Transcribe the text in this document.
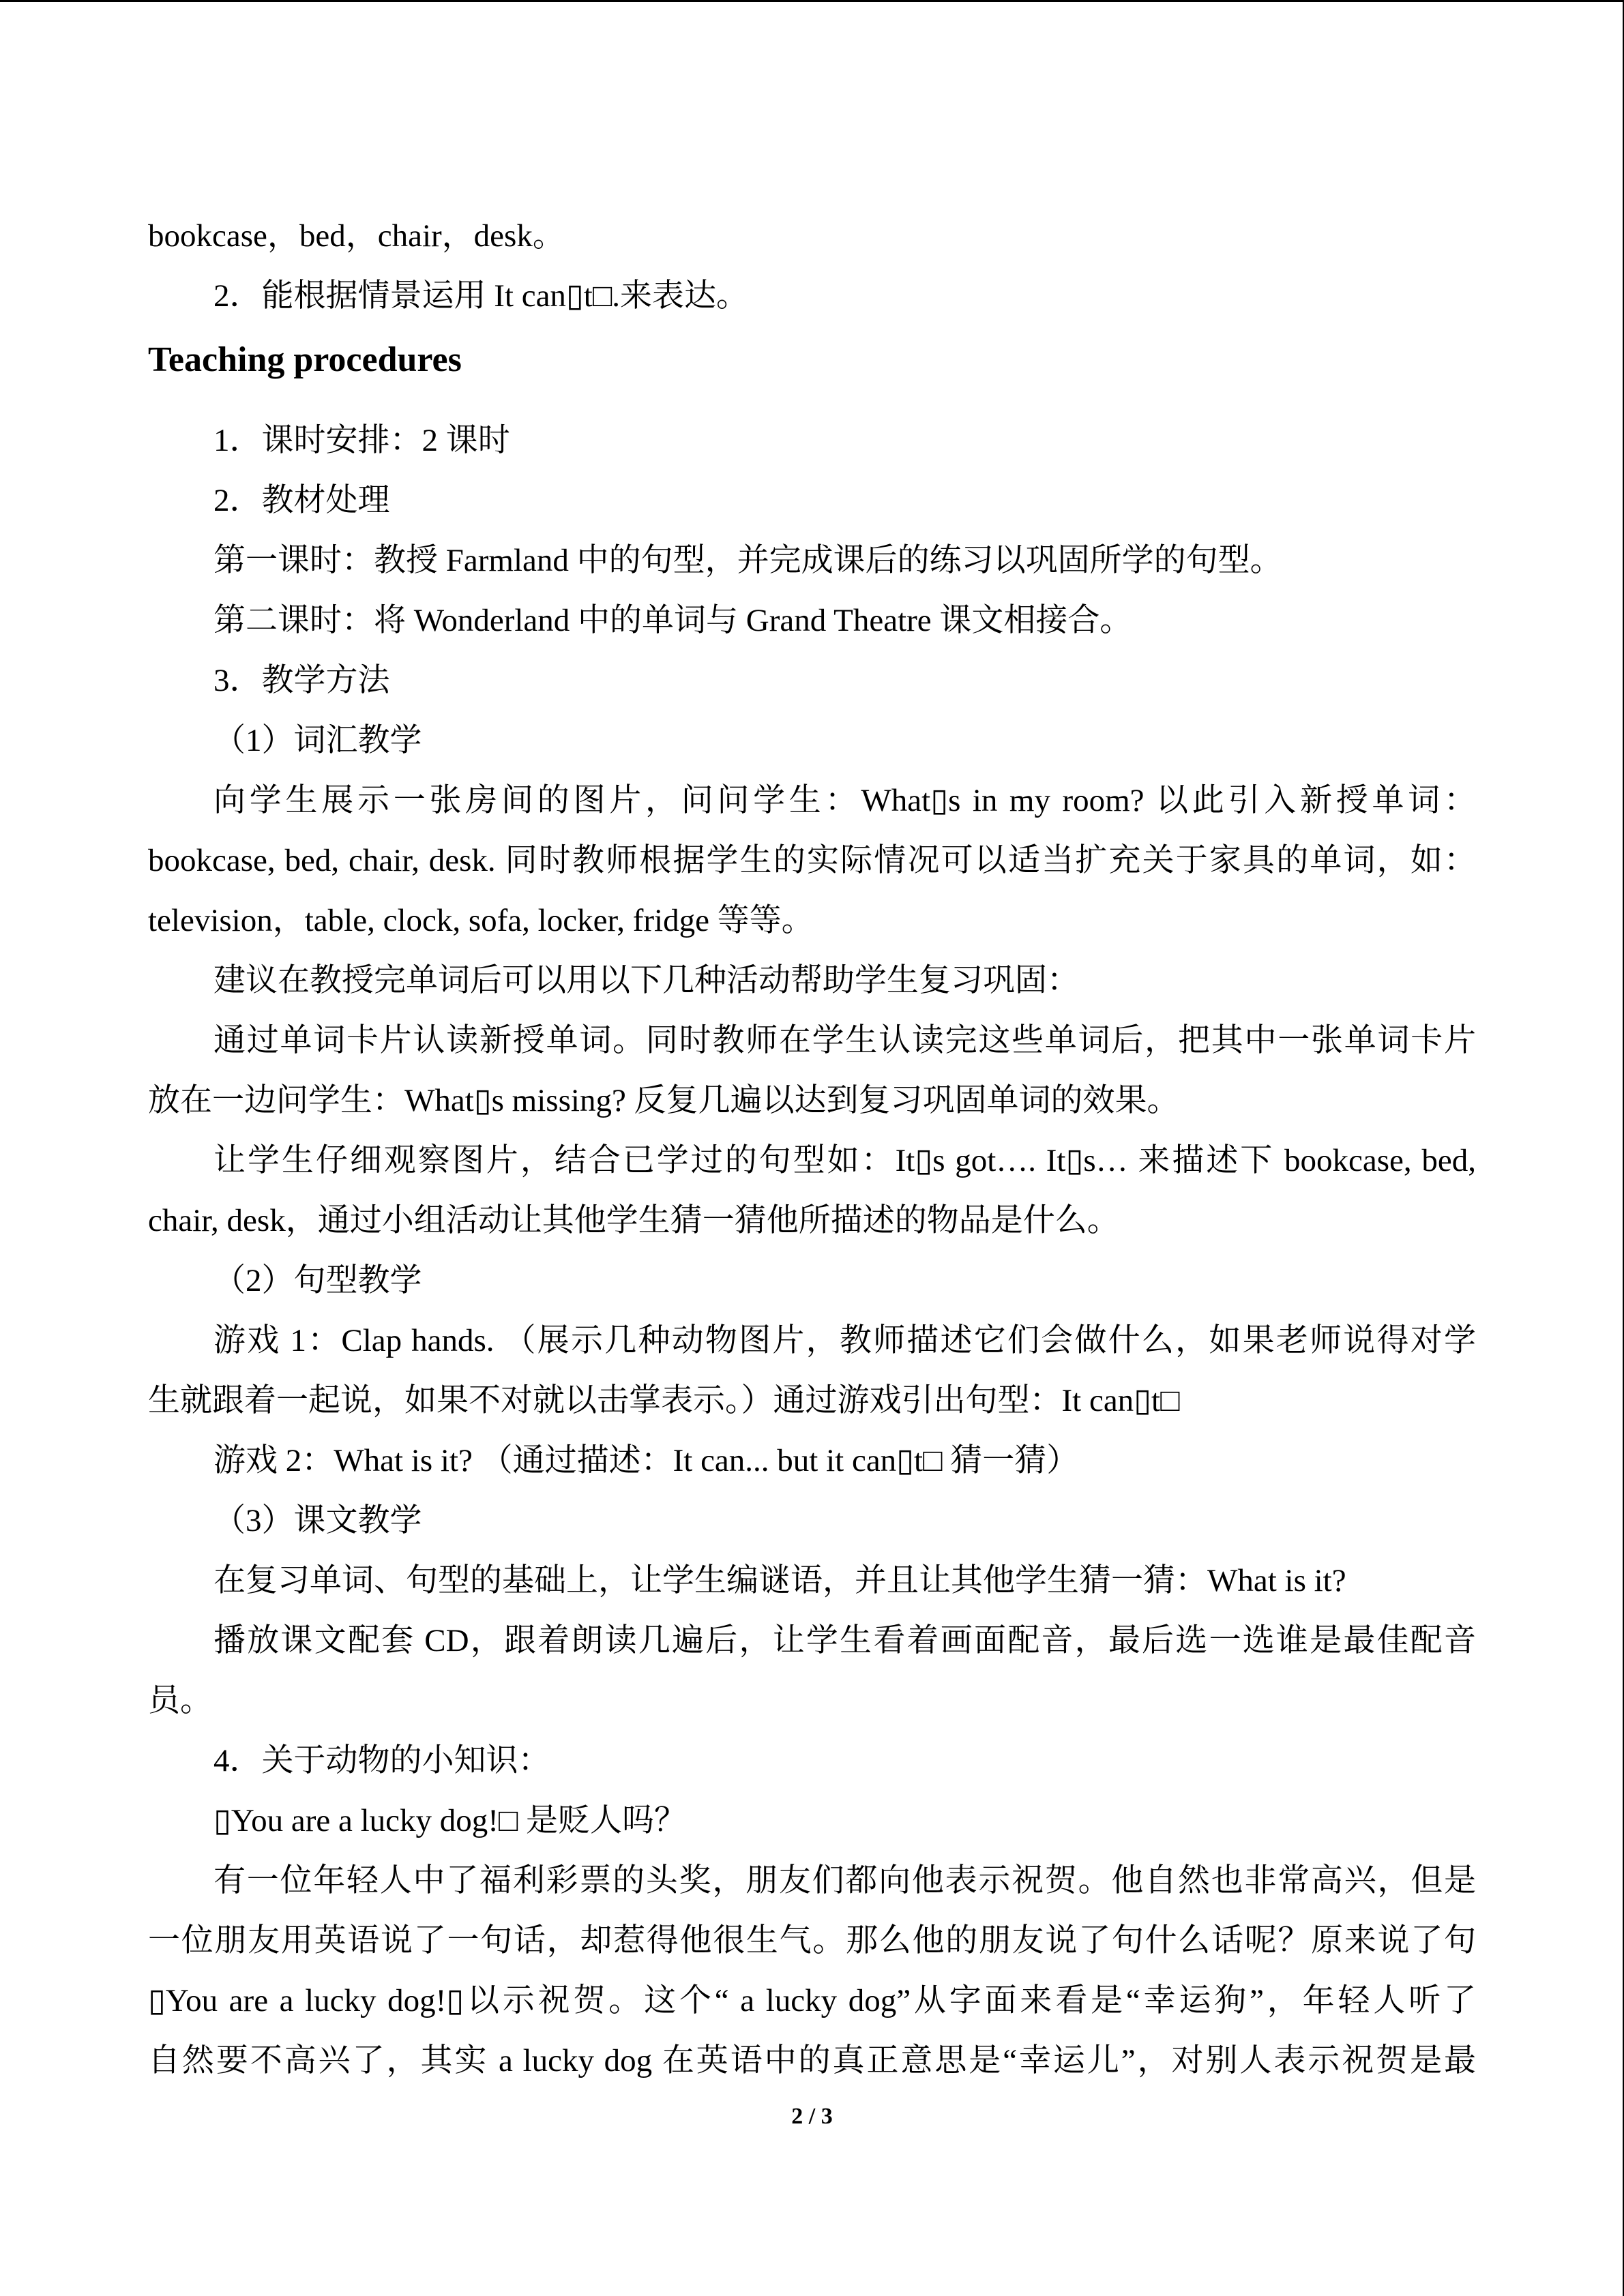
bookcase，bed，chair，desk。
2．能根据情景运用 It can▯t□.来表达。
Teaching procedures
1．课时安排：2 课时
2．教材处理
第一课时：教授 Farmland 中的句型，并完成课后的练习以巩固所学的句型。
第二课时：将 Wonderland 中的单词与 Grand Theatre 课文相接合。
3．教学方法
（1）词汇教学
向学生展示一张房间的图片，问问学生：What▯s in my room? 以此引入新授单词：
bookcase, bed, chair, desk. 同时教师根据学生的实际情况可以适当扩充关于家具的单词，如：
television，table, clock, sofa, locker, fridge 等等。
建议在教授完单词后可以用以下几种活动帮助学生复习巩固：
通过单词卡片认读新授单词。同时教师在学生认读完这些单词后，把其中一张单词卡片
放在一边问学生：What▯s missing? 反复几遍以达到复习巩固单词的效果。
让学生仔细观察图片，结合已学过的句型如：It▯s got…. It▯s… 来描述下 bookcase, bed,
chair, desk，通过小组活动让其他学生猜一猜他所描述的物品是什么。
（2）句型教学
游戏 1：Clap hands. （展示几种动物图片，教师描述它们会做什么，如果老师说得对学
生就跟着一起说，如果不对就以击掌表示。）通过游戏引出句型：It can▯t□
游戏 2：What is it? （通过描述：It can... but it can▯t□ 猜一猜）
（3）课文教学
在复习单词、句型的基础上，让学生编谜语，并且让其他学生猜一猜：What is it?
播放课文配套 CD，跟着朗读几遍后，让学生看着画面配音，最后选一选谁是最佳配音
员。
4．关于动物的小知识：
▯You are a lucky dog!□ 是贬人吗？
有一位年轻人中了福利彩票的头奖，朋友们都向他表示祝贺。他自然也非常高兴，但是
一位朋友用英语说了一句话，却惹得他很生气。那么他的朋友说了句什么话呢？原来说了句
▯You are a lucky dog!▯以示祝贺。这个“ a lucky dog”从字面来看是“幸运狗”，年轻人听了
自然要不高兴了，其实 a lucky dog 在英语中的真正意思是“幸运儿”，对别人表示祝贺是最
2 / 3
